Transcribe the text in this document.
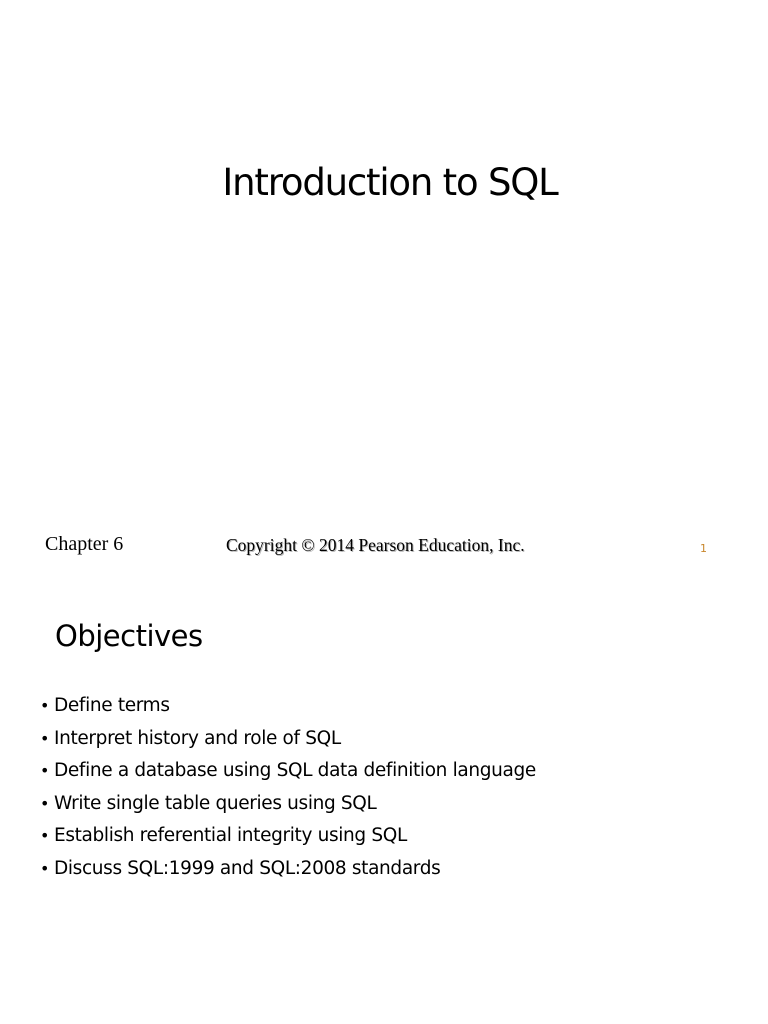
Introduction to SQL
Chapter 6	Copyright © 2014 Pearson Education, Inc.	1
Objectives
• Define terms
• Interpret history and role of SQL
• Define a database using SQL data definition language
• Write single table queries using SQL
• Establish referential integrity using SQL
• Discuss SQL:1999 and SQL:2008 standards
